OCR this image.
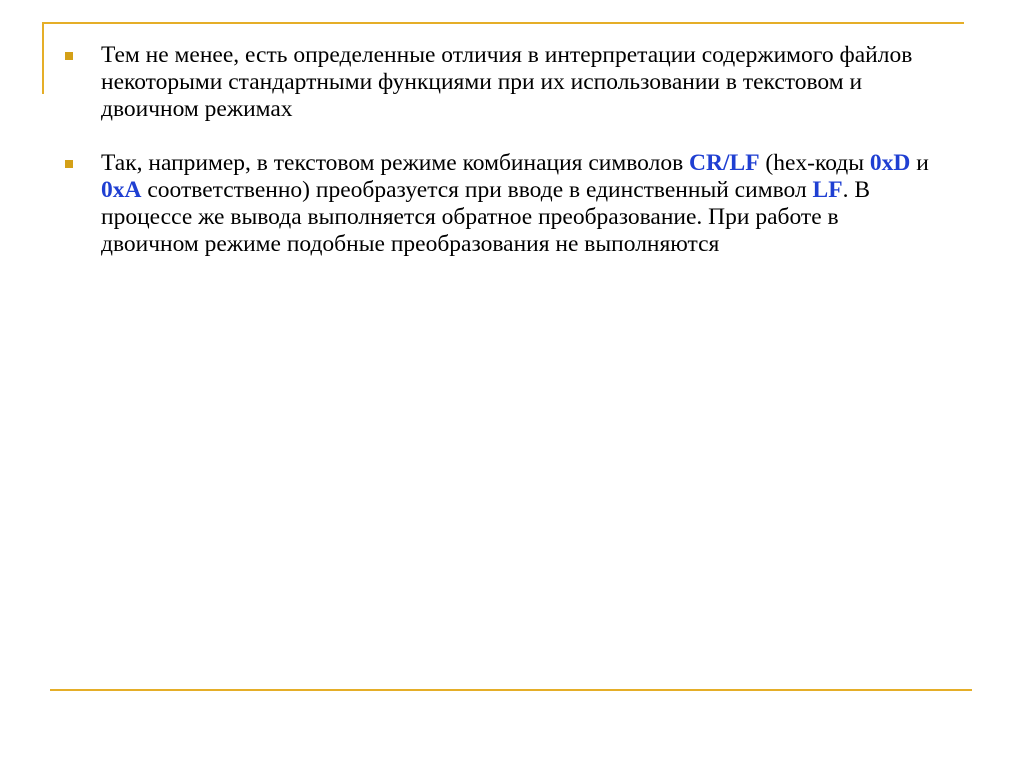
Тем не менее, есть определенные отличия в интерпретации содержимого файлов некоторыми стандартными функциями при их использовании в текстовом и двоичном режимах
Так, например, в текстовом режиме комбинация символов CR/LF (hex-коды 0xD и 0xA соответственно) преобразуется при вводе в единственный символ LF. В процессе же вывода выполняется обратное преобразование. При работе в двоичном режиме подобные преобразования не выполняются
